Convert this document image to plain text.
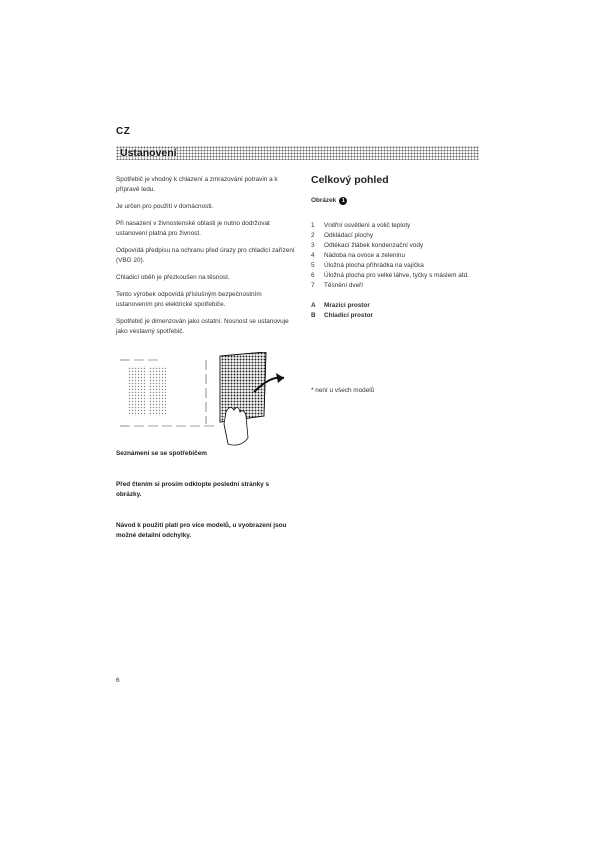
CZ
Ustanovení

Spotřebič je vhodný k chlazení a zmrazování potravin a k přípravě ledu.

Je určen pro použití v domácnosti.

Při nasazení v živnostenské oblasti je nutno dodržovat ustanovení platná pro živnost.

Odpovídá předpisu na ochranu před úrazy pro chladicí zařízení (VBG 20).

Chladicí oběh je přezkoušen na těsnost.

Tento výrobek odpovídá příslušným bezpečnostním ustanovením pro elektrické spotřebiče.

Spotřebič je dimenzován jako ostatní. Nosnost se ustanovuje jako vestavný spotřebič.

Celkový pohled
Obrázek 1
1	Vnitřní osvětlení a volič teploty
2	Odkládací plochy
3	Odtékací žlábek kondenzační vody
4	Nádoba na ovoce a zeleninu
5	Úložná plocha příhrádka na vajíčka
6	Úložná plocha pro velké láhve, tyčky s máslem atd.
7	Těsnění dveří
A	Mrazicí prostor
B	Chladicí prostor
* není u všech modelů
Seznámení se se spotřebičem
Před čtením si prosím odklopte poslední stránky s obrázky.
Návod k použití platí pro více modelů, u vyobrazení jsou možné detailní odchylky.
6
